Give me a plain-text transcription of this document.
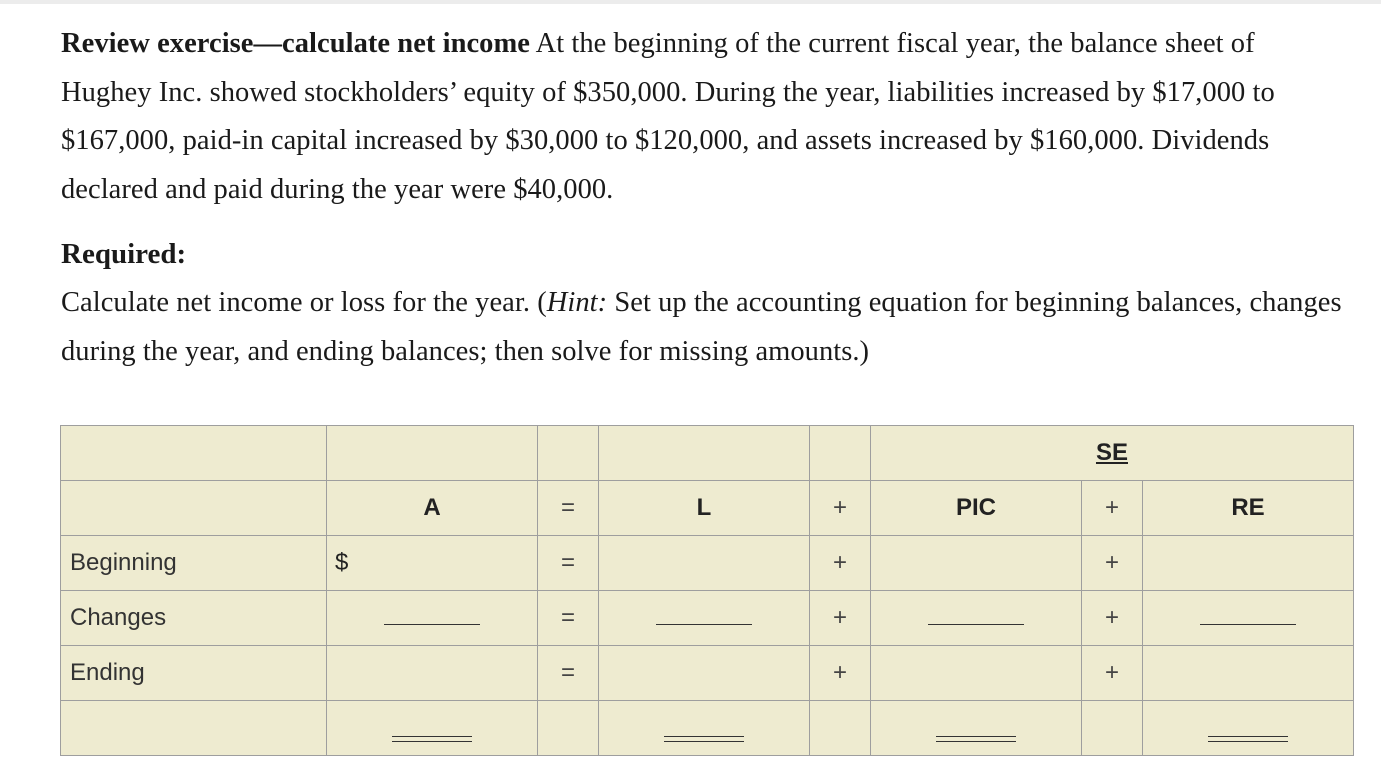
Review exercise—calculate net income At the beginning of the current fiscal year, the balance sheet of Hughey Inc. showed stockholders’ equity of $350,000. During the year, liabilities increased by $17,000 to $167,000, paid-in capital increased by $30,000 to $120,000, and assets increased by $160,000. Dividends declared and paid during the year were $40,000.

Required:

Calculate net income or loss for the year. (Hint: Set up the accounting equation for beginning balances, changes during the year, and ending balances; then solve for missing amounts.)

					SE		
	A	=	L	+	PIC	+	RE
Beginning	$	=		+		+	
Changes		=		+		+	
Ending		=		+		+	
